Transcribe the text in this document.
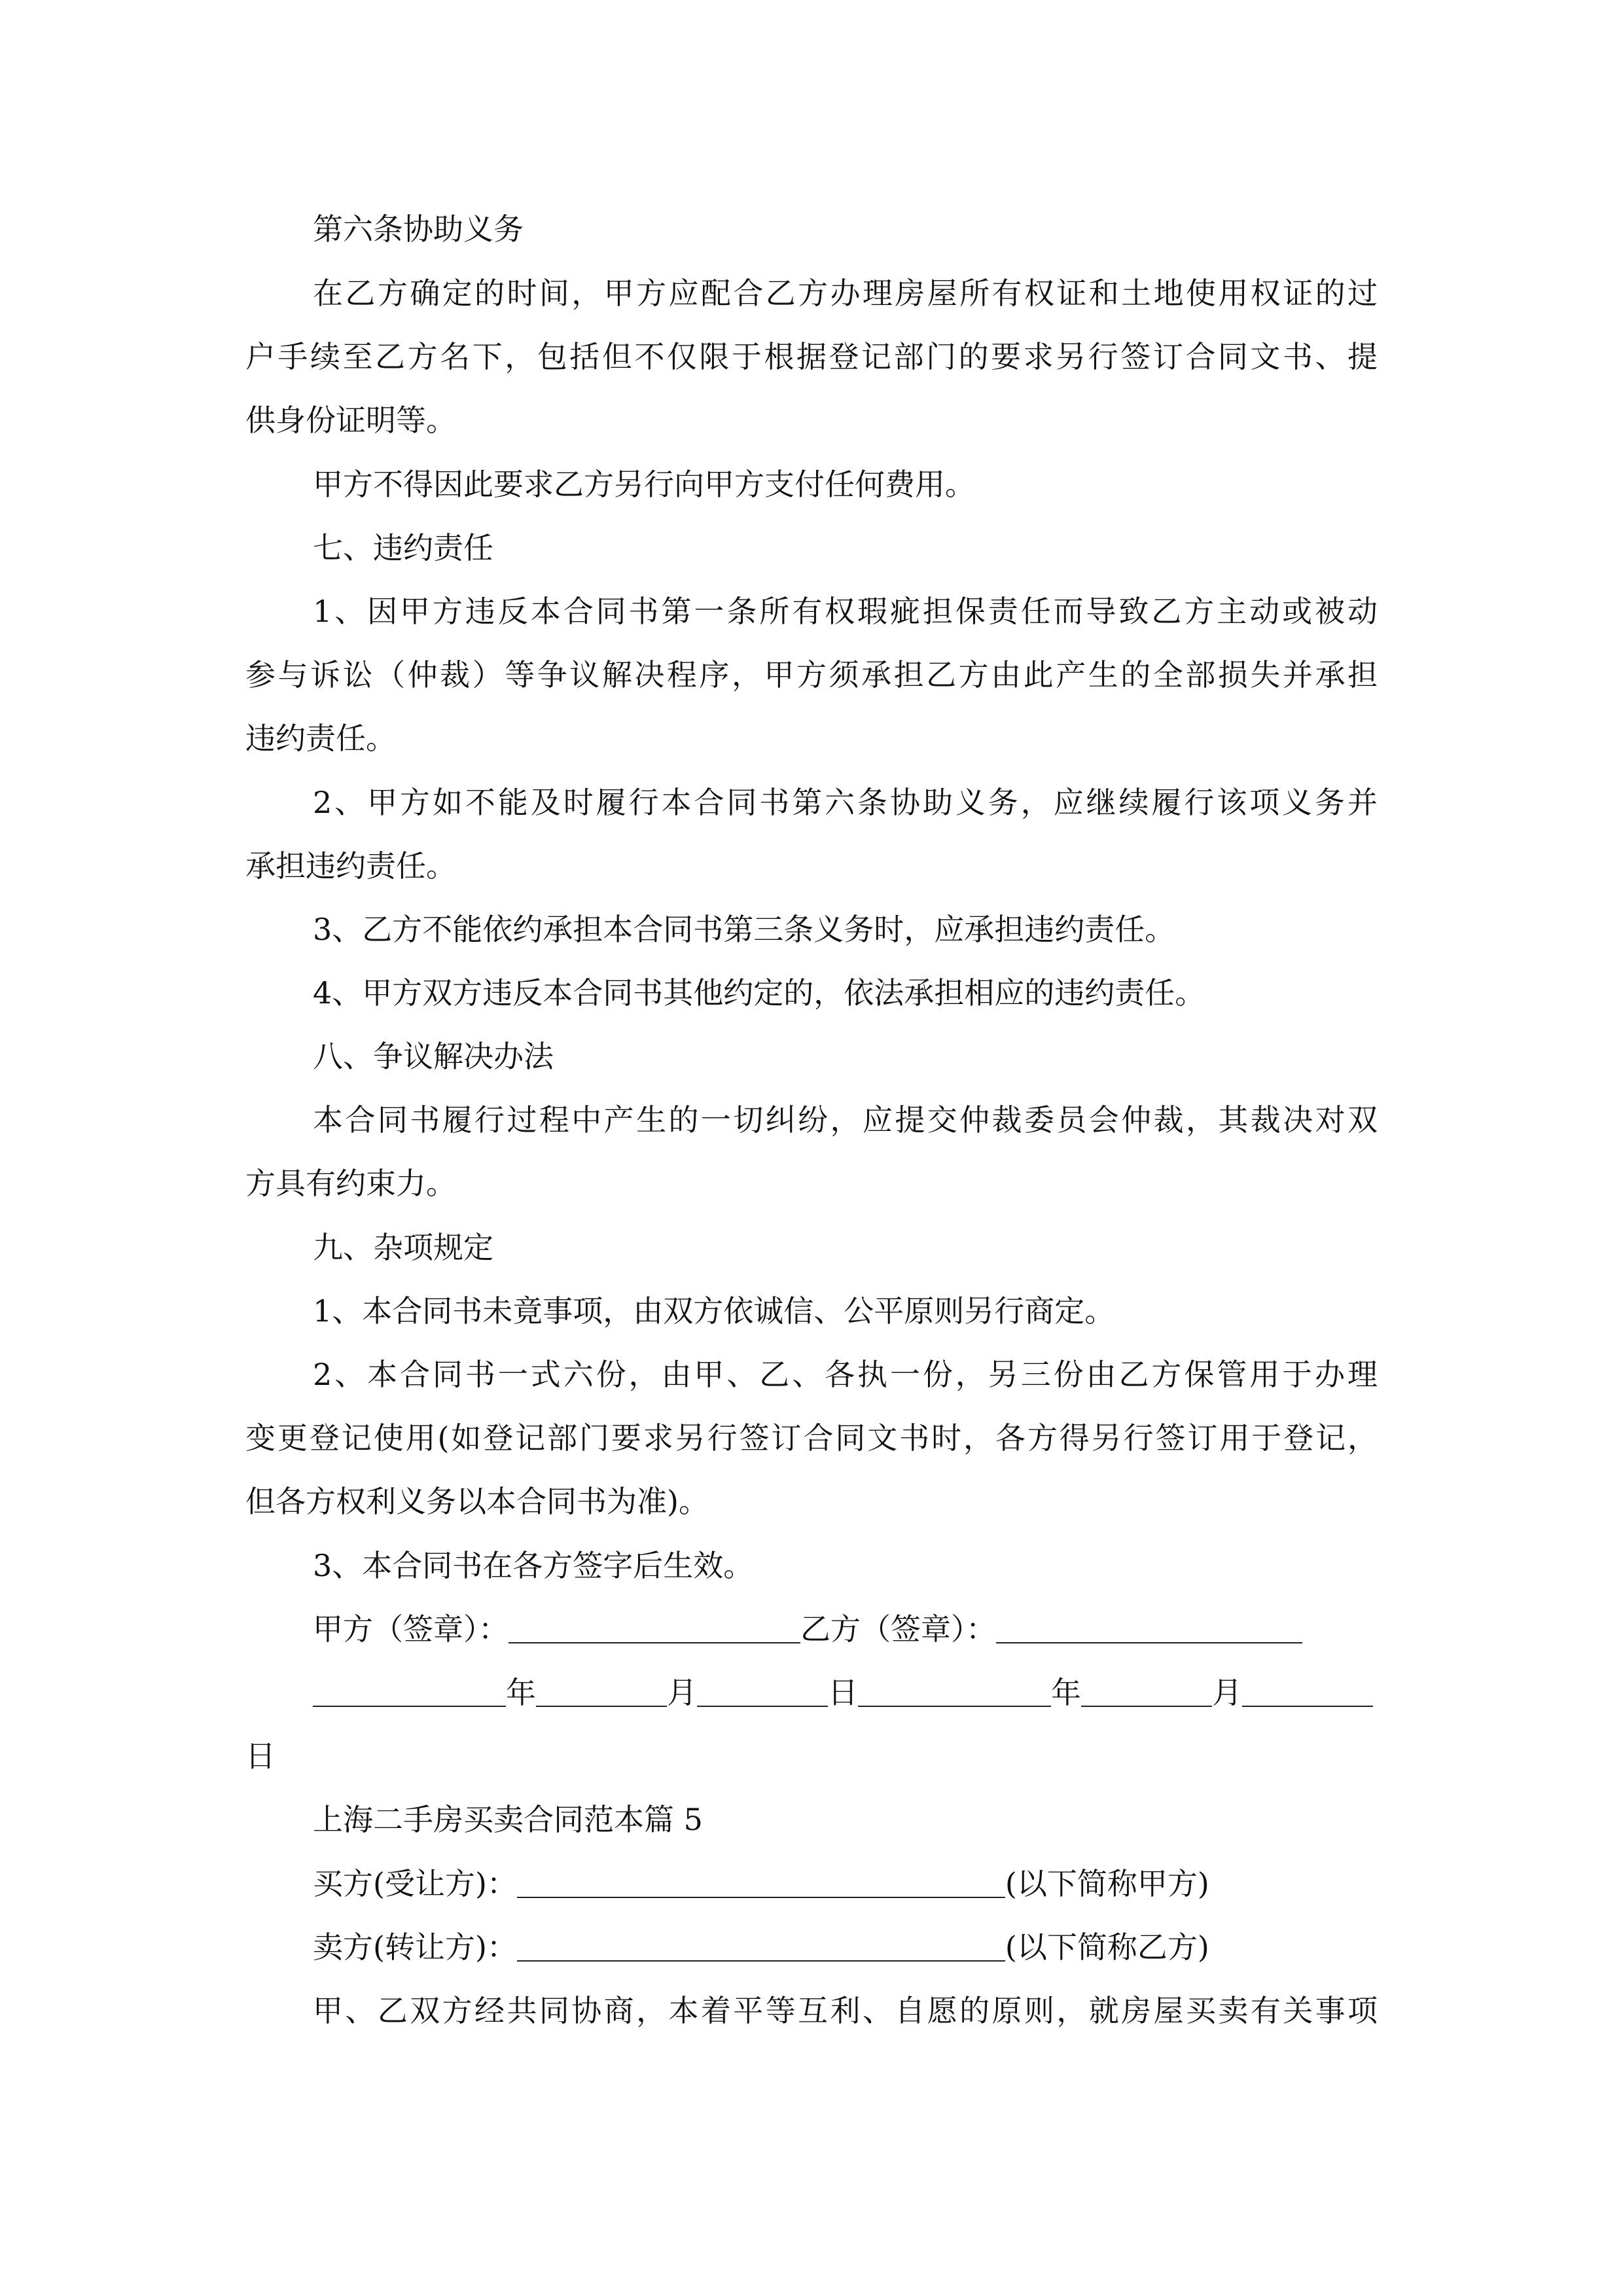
第六条协助义务

在乙方确定的时间，甲方应配合乙方办理房屋所有权证和土地使用权证的过

户手续至乙方名下，包括但不仅限于根据登记部门的要求另行签订合同文书、提

供身份证明等。

甲方不得因此要求乙方另行向甲方支付任何费用。

七、违约责任

1、因甲方违反本合同书第一条所有权瑕疵担保责任而导致乙方主动或被动

参与诉讼（仲裁）等争议解决程序，甲方须承担乙方由此产生的全部损失并承担

违约责任。

2、甲方如不能及时履行本合同书第六条协助义务，应继续履行该项义务并

承担违约责任。

3、乙方不能依约承担本合同书第三条义务时，应承担违约责任。

4、甲方双方违反本合同书其他约定的，依法承担相应的违约责任。

八、争议解决办法

本合同书履行过程中产生的一切纠纷，应提交仲裁委员会仲裁，其裁决对双

方具有约束力。

九、杂项规定

1、本合同书未竟事项，由双方依诚信、公平原则另行商定。

2、本合同书一式六份，由甲、乙、各执一份，另三份由乙方保管用于办理

变更登记使用(如登记部门要求另行签订合同文书时，各方得另行签订用于登记，

但各方权利义务以本合同书为准)。

3、本合同书在各方签字后生效。

甲方（签章）：	乙方（签章）：
年	月	日	年	月

日

上海二手房买卖合同范本篇 5

买方(受让方)：	(以下简称甲方)
卖方(转让方)：	(以下简称乙方)

甲、乙双方经共同协商，本着平等互利、自愿的原则，就房屋买卖有关事项
